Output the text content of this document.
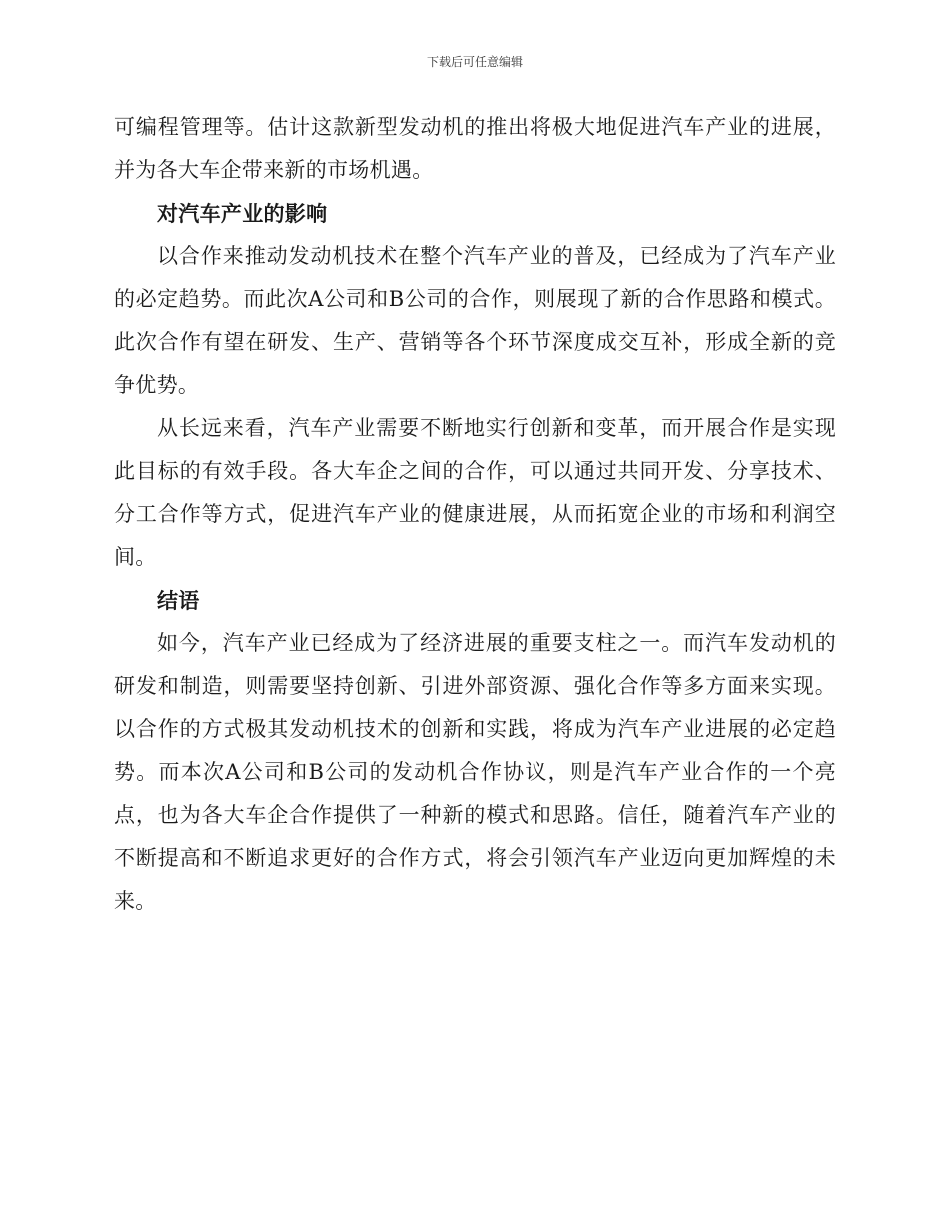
下载后可任意编辑

可编程管理等。估计这款新型发动机的推出将极大地促进汽车产业的进展，并为各大车企带来新的市场机遇。

对汽车产业的影响

以合作来推动发动机技术在整个汽车产业的普及，已经成为了汽车产业的必定趋势。而此次A公司和B公司的合作，则展现了新的合作思路和模式。此次合作有望在研发、生产、营销等各个环节深度成交互补，形成全新的竞争优势。

从长远来看，汽车产业需要不断地实行创新和变革，而开展合作是实现此目标的有效手段。各大车企之间的合作，可以通过共同开发、分享技术、分工合作等方式，促进汽车产业的健康进展，从而拓宽企业的市场和利润空间。

结语

如今，汽车产业已经成为了经济进展的重要支柱之一。而汽车发动机的研发和制造，则需要坚持创新、引进外部资源、强化合作等多方面来实现。以合作的方式极其发动机技术的创新和实践，将成为汽车产业进展的必定趋势。而本次A公司和B公司的发动机合作协议，则是汽车产业合作的一个亮点，也为各大车企合作提供了一种新的模式和思路。信任，随着汽车产业的不断提高和不断追求更好的合作方式，将会引领汽车产业迈向更加辉煌的未来。
